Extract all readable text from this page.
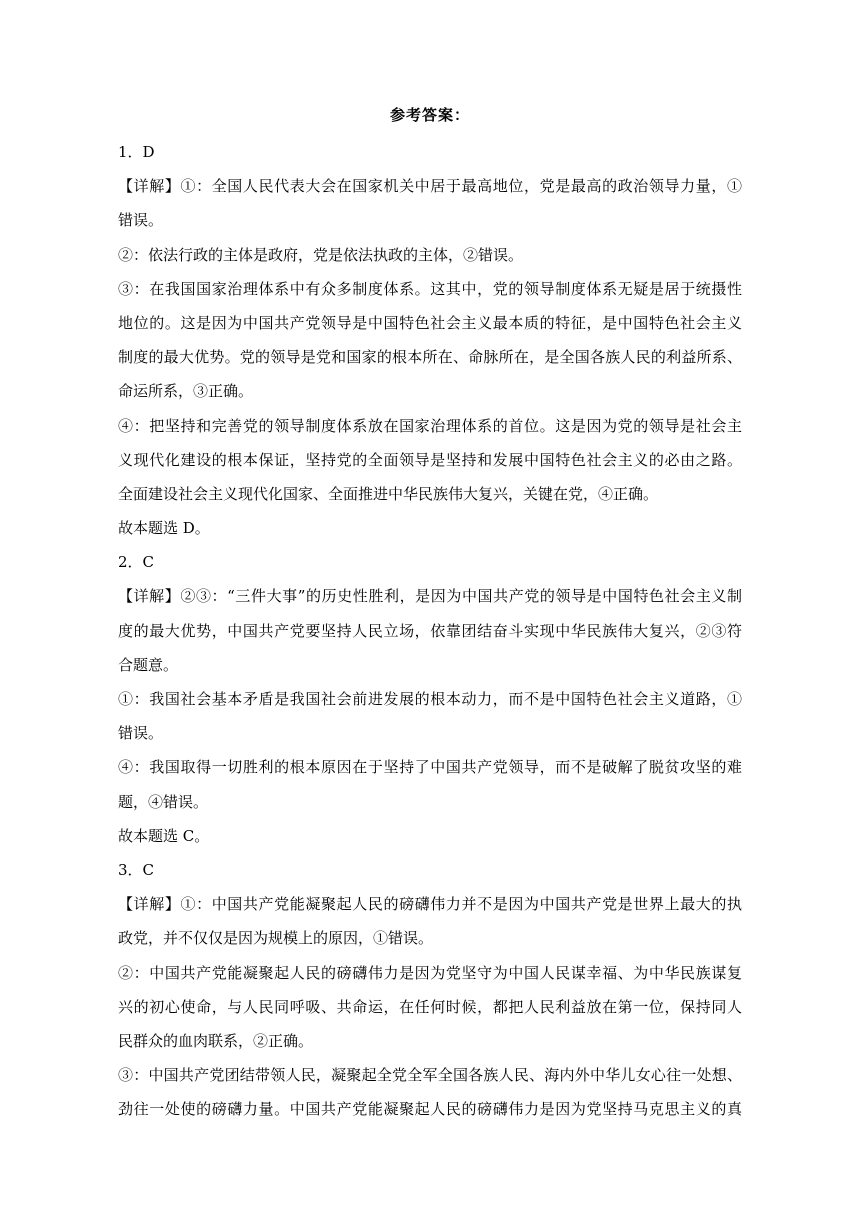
参考答案：
1．D
【详解】①：全国人民代表大会在国家机关中居于最高地位，党是最高的政治领导力量，①
错误。
②：依法行政的主体是政府，党是依法执政的主体，②错误。
③：在我国国家治理体系中有众多制度体系。这其中，党的领导制度体系无疑是居于统摄性
地位的。这是因为中国共产党领导是中国特色社会主义最本质的特征，是中国特色社会主义
制度的最大优势。党的领导是党和国家的根本所在、命脉所在，是全国各族人民的利益所系、
命运所系，③正确。
④：把坚持和完善党的领导制度体系放在国家治理体系的首位。这是因为党的领导是社会主
义现代化建设的根本保证，坚持党的全面领导是坚持和发展中国特色社会主义的必由之路。
全面建设社会主义现代化国家、全面推进中华民族伟大复兴，关键在党，④正确。
故本题选 D。
2．C
【详解】②③：“三件大事”的历史性胜利，是因为中国共产党的领导是中国特色社会主义制
度的最大优势，中国共产党要坚持人民立场，依靠团结奋斗实现中华民族伟大复兴，②③符
合题意。
①：我国社会基本矛盾是我国社会前进发展的根本动力，而不是中国特色社会主义道路，①
错误。
④：我国取得一切胜利的根本原因在于坚持了中国共产党领导，而不是破解了脱贫攻坚的难
题，④错误。
故本题选 C。
3．C
【详解】①：中国共产党能凝聚起人民的磅礴伟力并不是因为中国共产党是世界上最大的执
政党，并不仅仅是因为规模上的原因，①错误。
②：中国共产党能凝聚起人民的磅礴伟力是因为党坚守为中国人民谋幸福、为中华民族谋复
兴的初心使命，与人民同呼吸、共命运，在任何时候，都把人民利益放在第一位，保持同人
民群众的血肉联系，②正确。
③：中国共产党团结带领人民，凝聚起全党全军全国各族人民、海内外中华儿女心往一处想、
劲往一处使的磅礴力量。中国共产党能凝聚起人民的磅礴伟力是因为党坚持马克思主义的真
